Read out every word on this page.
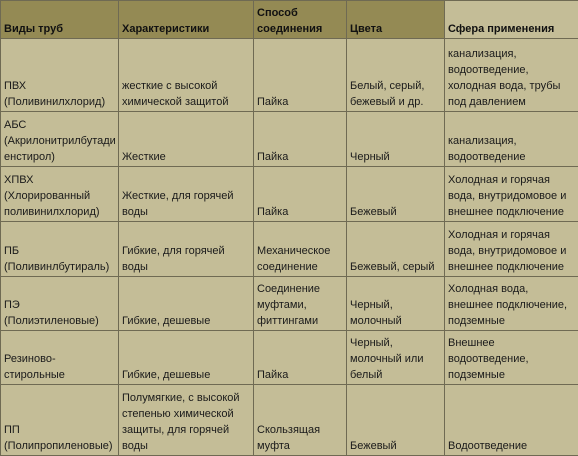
Виды труб	Характеристики	Способ соединения	Цвета	Сфера применения
ПВХ (Поливинилхлорид)	жесткие с высокой химической защитой	Пайка	Белый, серый, бежевый и др.	канализация, водоотведение, холодная вода, трубы под давлением
АБС (Акрилонитрилбутадиенстирол)	Жесткие	Пайка	Черный	канализация, водоотведение
ХПВХ (Хлорированный поливинилхлорид)	Жесткие, для горячей воды	Пайка	Бежевый	Холодная и горячая вода, внутридомовое и внешнее подключение
ПБ (Поливинлбутираль)	Гибкие, для горячей воды	Механическое соединение	Бежевый, серый	Холодная и горячая вода, внутридомовое и внешнее подключение
ПЭ (Полиэтиленовые)	Гибкие, дешевые	Соединение муфтами, фиттингами	Черный, молочный	Холодная вода, внешнее подключение, подземные
Резиново-стирольные	Гибкие, дешевые	Пайка	Черный, молочный или белый	Внешнее водоотведение, подземные
ПП (Полипропиленовые)	Полумягкие, с высокой степенью химической защиты, для горячей воды	Скользящая муфта	Бежевый	Водоотведение
